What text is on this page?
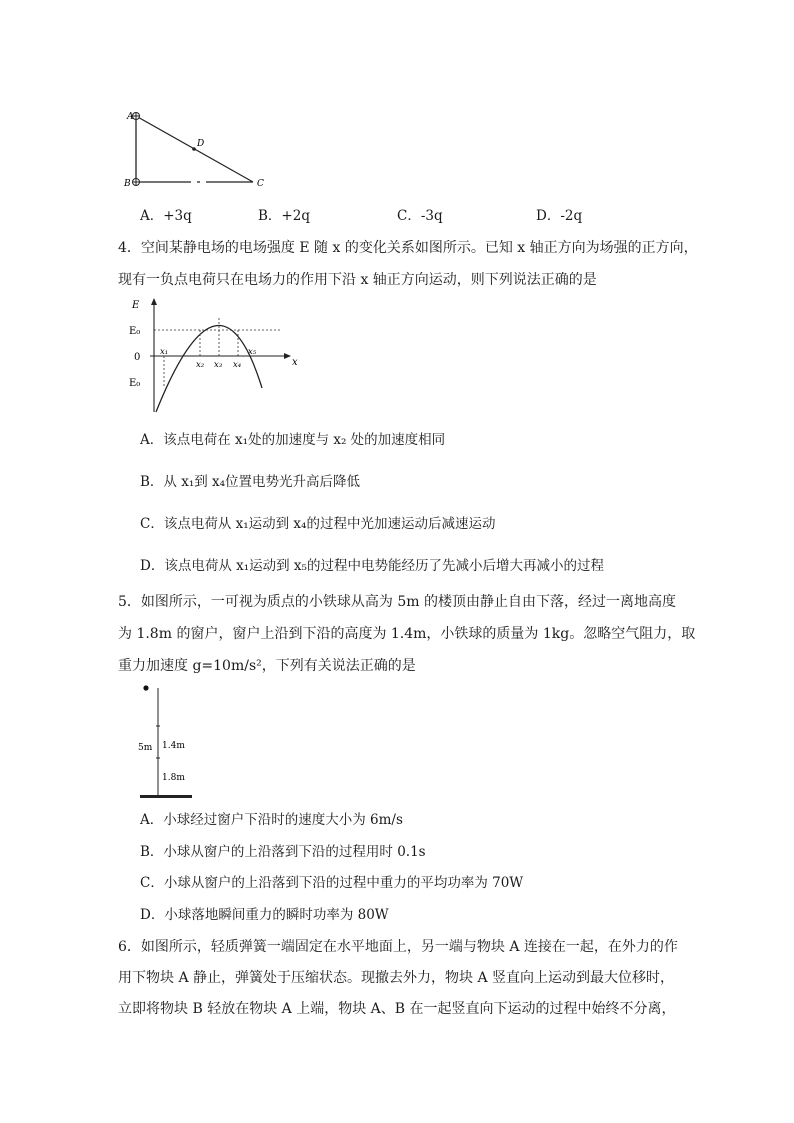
A
B	C
D
A．+3q	B．+2q	C．-3q	D．-2q
4．空间某静电场的电场强度 E 随 x 的变化关系如图所示。已知 x 轴正方向为场强的正方向，
现有一负点电荷只在电场力的作用下沿 x 轴正方向运动，则下列说法正确的是
E
E₀
0
E₀
x
x₁
x₂ x₃ x₄
x₅
A．该点电荷在 x₁处的加速度与 x₂ 处的加速度相同
B．从 x₁到 x₄位置电势光升高后降低
C．该点电荷从 x₁运动到 x₄的过程中光加速运动后减速运动
D．该点电荷从 x₁运动到 x₅的过程中电势能经历了先减小后增大再减小的过程
5．如图所示，一可视为质点的小铁球从高为 5m 的楼顶由静止自由下落，经过一离地高度
为 1.8m 的窗户，窗户上沿到下沿的高度为 1.4m，小铁球的质量为 1kg。忽略空气阻力，取
重力加速度 g=10m/s²，下列有关说法正确的是
5m 1.4m
1.8m
A．小球经过窗户下沿时的速度大小为 6m/s
B．小球从窗户的上沿落到下沿的过程用时 0.1s
C．小球从窗户的上沿落到下沿的过程中重力的平均功率为 70W
D．小球落地瞬间重力的瞬时功率为 80W
6．如图所示，轻质弹簧一端固定在水平地面上，另一端与物块 A 连接在一起，在外力的作
用下物块 A 静止，弹簧处于压缩状态。现撤去外力，物块 A 竖直向上运动到最大位移时，
立即将物块 B 轻放在物块 A 上端，物块 A、B 在一起竖直向下运动的过程中始终不分离，
